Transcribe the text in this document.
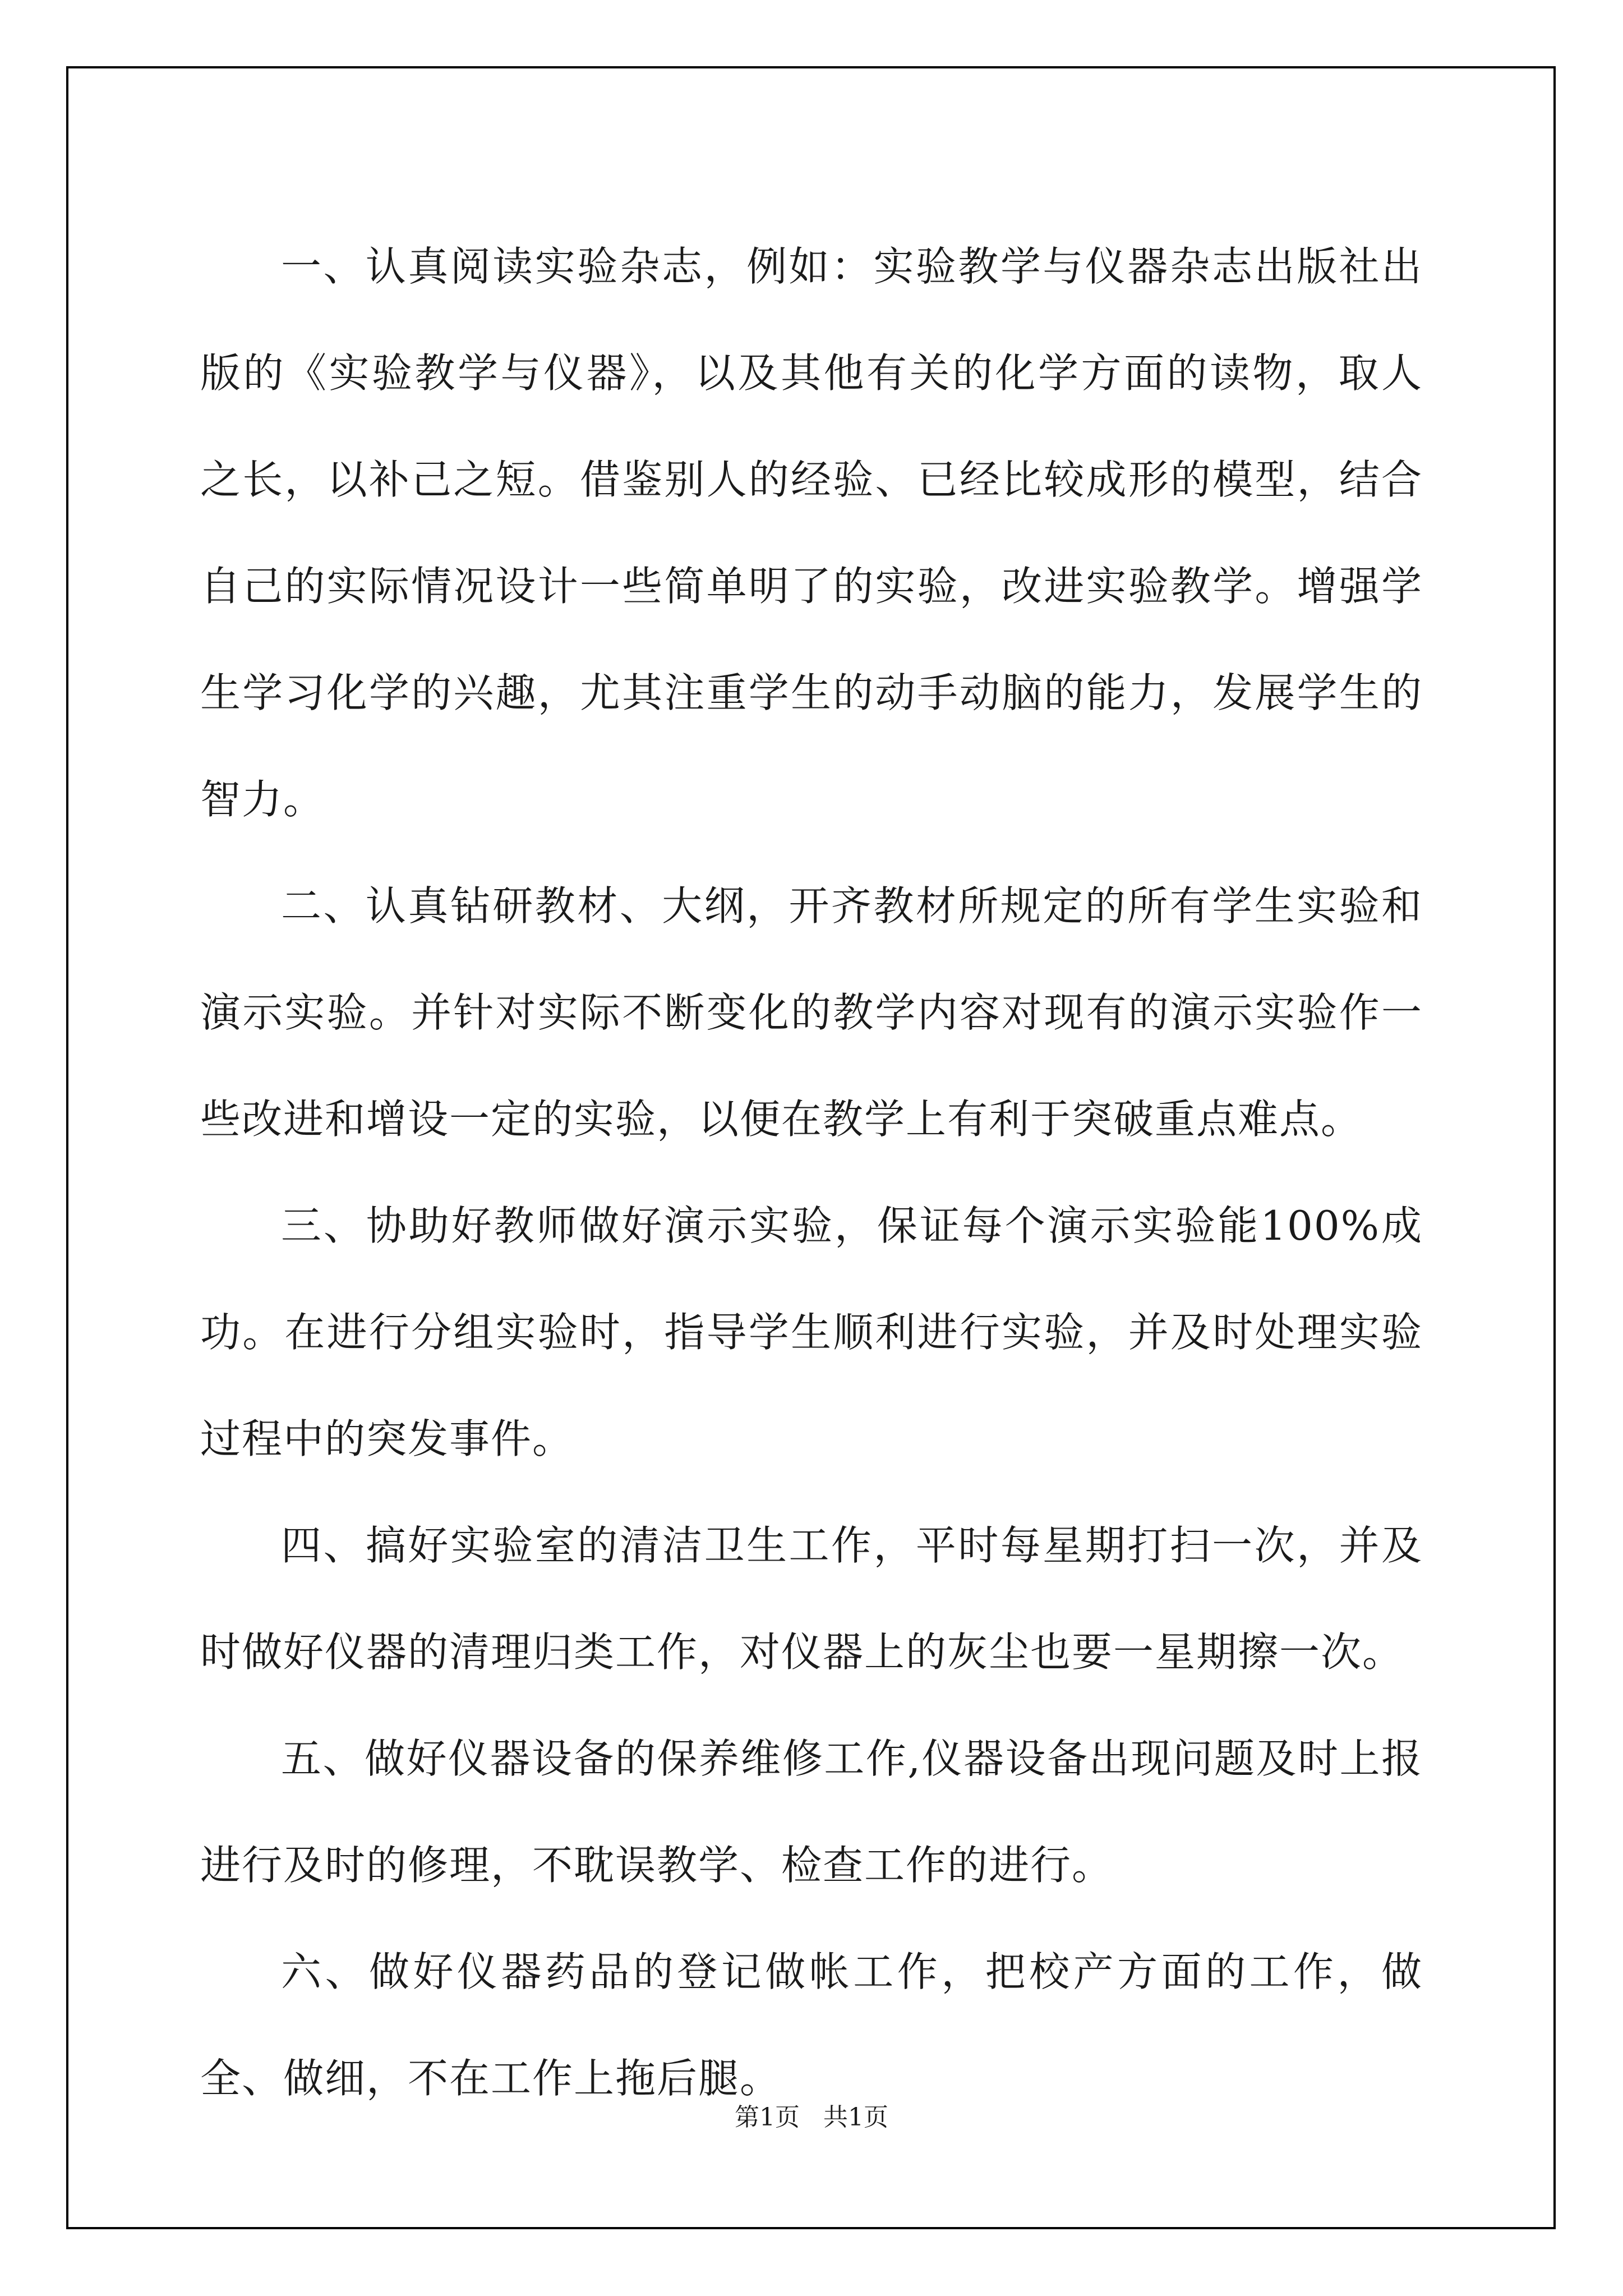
一、认真阅读实验杂志，例如：实验教学与仪器杂志出版社出版的《实验教学与仪器》，以及其他有关的化学方面的读物，取人之长，以补己之短。借鉴别人的经验、已经比较成形的模型，结合自己的实际情况设计一些简单明了的实验，改进实验教学。增强学生学习化学的兴趣，尤其注重学生的动手动脑的能力，发展学生的智力。

二、认真钻研教材、大纲，开齐教材所规定的所有学生实验和演示实验。并针对实际不断变化的教学内容对现有的演示实验作一些改进和增设一定的实验，以便在教学上有利于突破重点难点。

三、协助好教师做好演示实验，保证每个演示实验能100%成功。在进行分组实验时，指导学生顺利进行实验，并及时处理实验过程中的突发事件。

四、搞好实验室的清洁卫生工作，平时每星期打扫一次，并及时做好仪器的清理归类工作，对仪器上的灰尘也要一星期擦一次。

五、做好仪器设备的保养维修工作,仪器设备出现问题及时上报进行及时的修理，不耽误教学、检查工作的进行。

六、做好仪器药品的登记做帐工作，把校产方面的工作，做全、做细，不在工作上拖后腿。

第1页   共1页
